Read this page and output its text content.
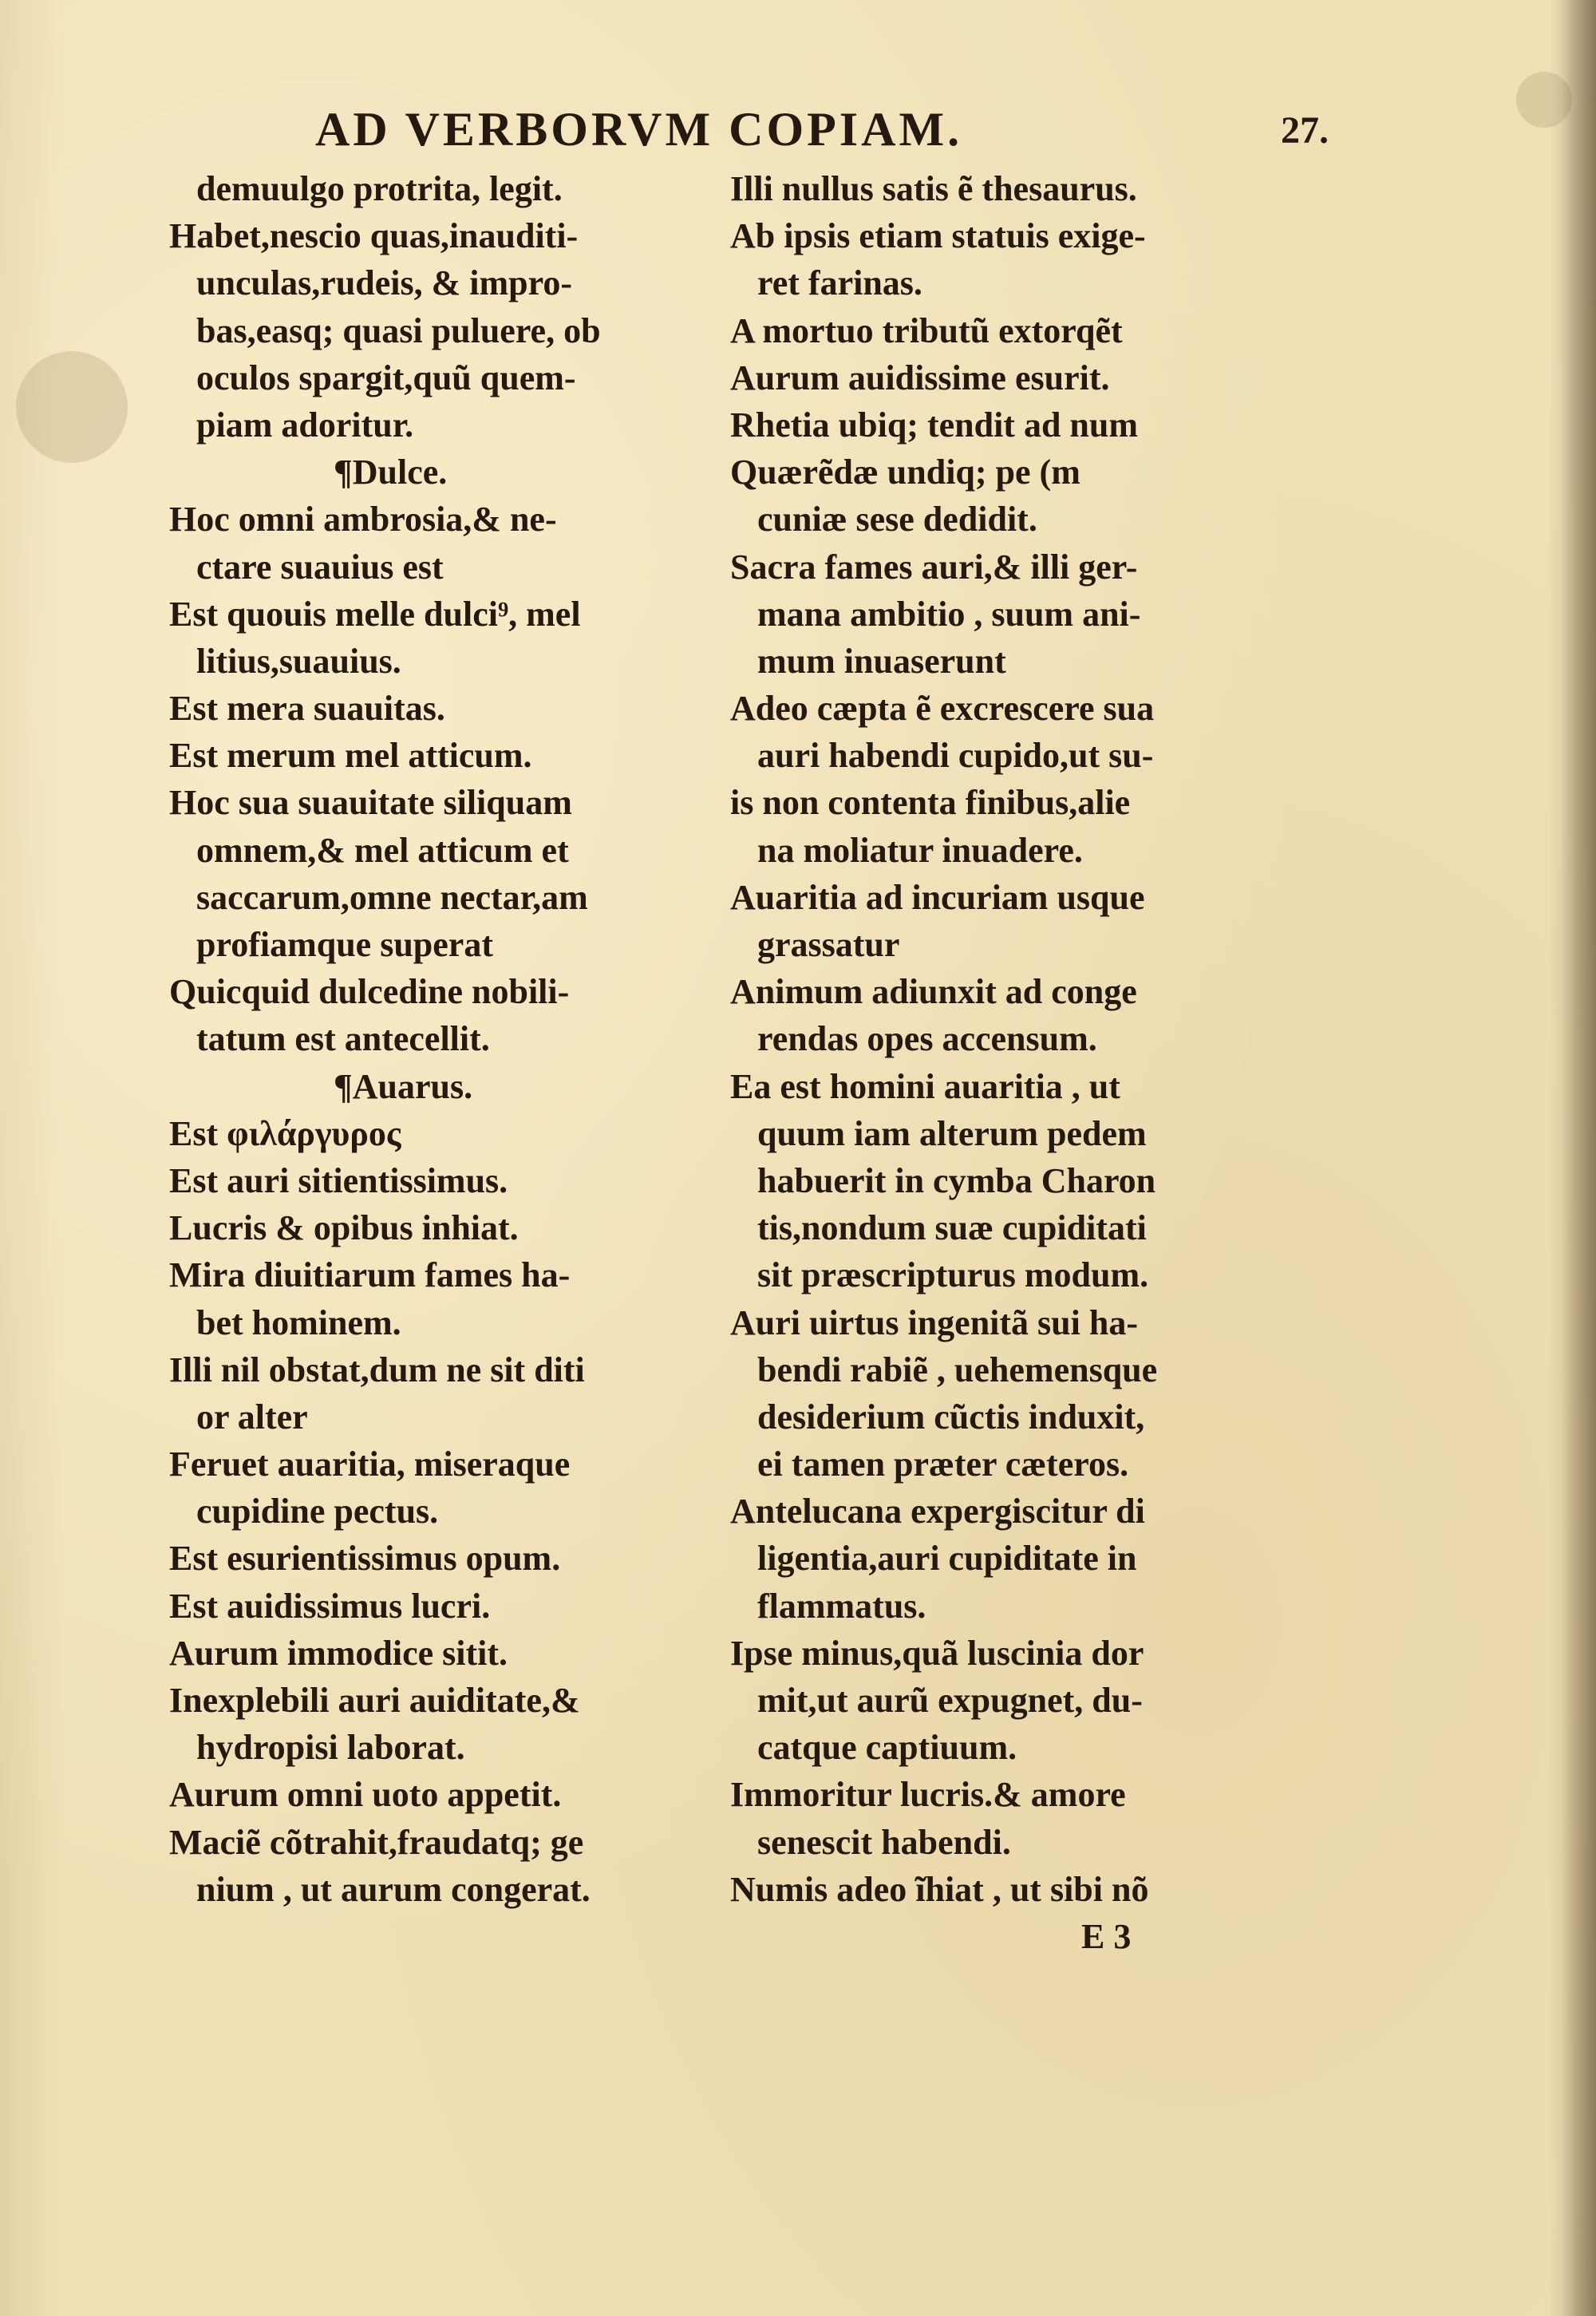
AD VERBORVM COPIAM.	27.
demuulgo protrita, legit.
Habet,nescio quas,inauditi-
unculas,rudeis, & impro-
bas,easq; quasi puluere, ob
oculos spargit,quũ quem-
piam adoritur.
¶Dulce.
Hoc omni ambrosia,& ne-
ctare suauius est
Est quouis melle dulci⁹, mel
litius,suauius.
Est mera suauitas.
Est merum mel atticum.
Hoc sua suauitate siliquam
omnem,& mel atticum et
saccarum,omne nectar,am
profiamque superat
Quicquid dulcedine nobili-
tatum est antecellit.
¶Auarus.
Est φιλάργυρος
Est auri sitientissimus.
Lucris & opibus inhiat.
Mira diuitiarum fames ha-
bet hominem.
Illi nil obstat,dum ne sit diti
or alter
Feruet auaritia, miseraque
cupidine pectus.
Est esurientissimus opum.
Est auidissimus lucri.
Aurum immodice sitit.
Inexplebili auri auiditate,&
hydropisi laborat.
Aurum omni uoto appetit.
Maciẽ cõtrahit,fraudatq; ge
nium , ut aurum congerat.
Illi nullus satis ẽ thesaurus.
Ab ipsis etiam statuis exige-
ret farinas.
A mortuo tributũ extorqẽt
Aurum auidissime esurit.
Rhetia ubiq; tendit ad num
Quærẽdæ undiq; pe (m
cuniæ sese dedidit.
Sacra fames auri,& illi ger-
mana ambitio , suum ani-
mum inuaserunt
Adeo cæpta ẽ excrescere sua
auri habendi cupido,ut su-
is non contenta finibus,alie
na moliatur inuadere.
Auaritia ad incuriam usque
grassatur
Animum adiunxit ad conge
rendas opes accensum.
Ea est homini auaritia , ut
quum iam alterum pedem
habuerit in cymba Charon
tis,nondum suæ cupiditati
sit præscripturus modum.
Auri uirtus ingenitã sui ha-
bendi rabiẽ , uehemensque
desiderium cũctis induxit,
ei tamen præter cæteros.
Antelucana expergiscitur di
ligentia,auri cupiditate in
flammatus.
Ipse minus,quã luscinia dor
mit,ut aurũ expugnet, du-
catque captiuum.
Immoritur lucris.& amore
senescit habendi.
Numis adeo ĩhiat , ut sibi nõ
E 3
